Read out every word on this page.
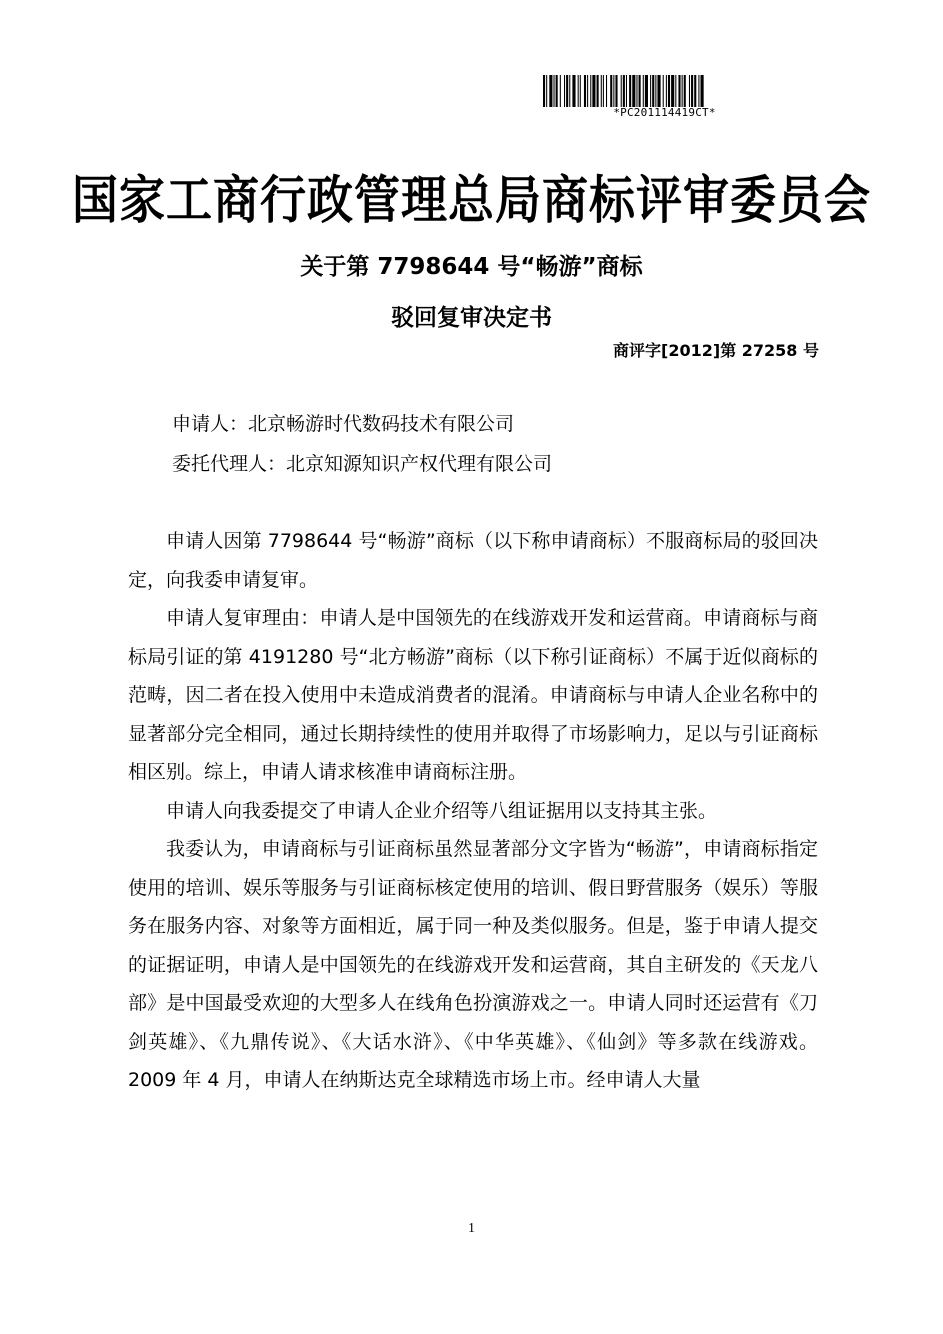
*PC201114419CT*
国家工商行政管理总局商标评审委员会
关于第 7798644 号“畅游”商标
驳回复审决定书
商评字[2012]第 27258 号
申请人：北京畅游时代数码技术有限公司
委托代理人：北京知源知识产权代理有限公司

申请人因第 7798644 号“畅游”商标（以下称申请商标）不服商标局的驳回决定，向我委申请复审。

申请人复审理由：申请人是中国领先的在线游戏开发和运营商。申请商标与商标局引证的第 4191280 号“北方畅游”商标（以下称引证商标）不属于近似商标的范畴，因二者在投入使用中未造成消费者的混淆。申请商标与申请人企业名称中的显著部分完全相同，通过长期持续性的使用并取得了市场影响力，足以与引证商标相区别。综上，申请人请求核准申请商标注册。

申请人向我委提交了申请人企业介绍等八组证据用以支持其主张。

我委认为，申请商标与引证商标虽然显著部分文字皆为“畅游”，申请商标指定使用的培训、娱乐等服务与引证商标核定使用的培训、假日野营服务（娱乐）等服务在服务内容、对象等方面相近，属于同一种及类似服务。但是，鉴于申请人提交的证据证明，申请人是中国领先的在线游戏开发和运营商，其自主研发的《天龙八部》是中国最受欢迎的大型多人在线角色扮演游戏之一。申请人同时还运营有《刀剑英雄》、《九鼎传说》、《大话水浒》、《中华英雄》、《仙剑》等多款在线游戏。2009 年 4 月，申请人在纳斯达克全球精选市场上市。经申请人大量

1
